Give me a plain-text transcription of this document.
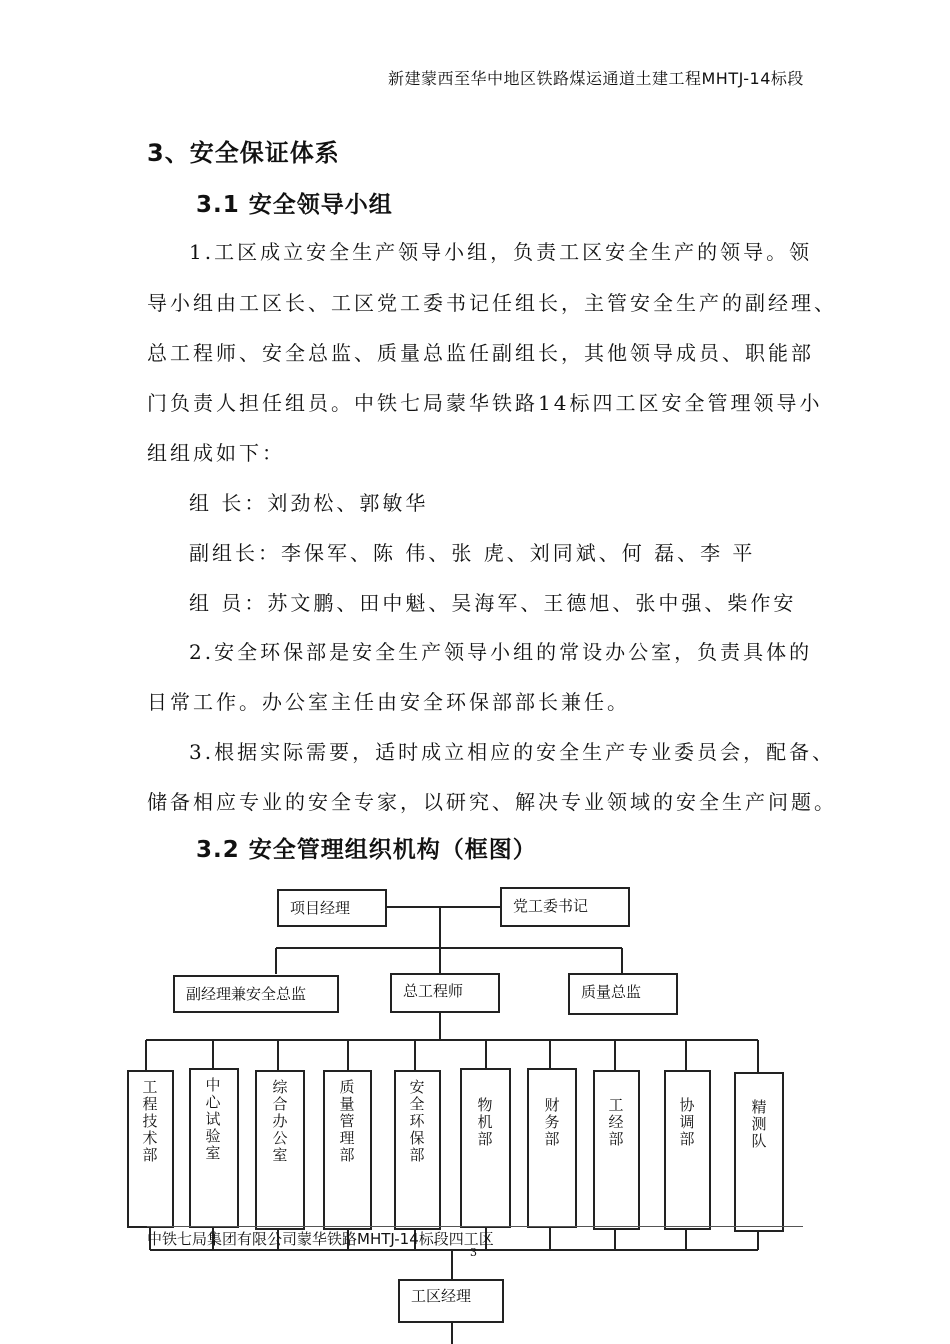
新建蒙西至华中地区铁路煤运通道土建工程MHTJ-14标段
3、安全保证体系
3.1 安全领导小组
1.工区成立安全生产领导小组，负责工区安全生产的领导。领
导小组由工区长、工区党工委书记任组长，主管安全生产的副经理、
总工程师、安全总监、质量总监任副组长，其他领导成员、职能部
门负责人担任组员。中铁七局蒙华铁路14标四工区安全管理领导小
组组成如下：
组 长：刘劲松、郭敏华
副组长：李保军、陈 伟、张 虎、刘同斌、何 磊、李 平
组 员：苏文鹏、田中魁、吴海军、王德旭、张中强、柴作安
2.安全环保部是安全生产领导小组的常设办公室，负责具体的
日常工作。办公室主任由安全环保部部长兼任。
3.根据实际需要，适时成立相应的安全生产专业委员会，配备、
储备相应专业的安全专家，以研究、解决专业领域的安全生产问题。
3.2 安全管理组织机构（框图）
项目经理	党工委书记
副经理兼安全总监	总工程师	质量总监
工区经理
工程技术部
中心试验室
综合办公室
质量管理部
安全环保部
物机部
财务部
工经部
协调部
精测队
中铁七局集团有限公司蒙华铁路MHTJ-14标段四工区
3
